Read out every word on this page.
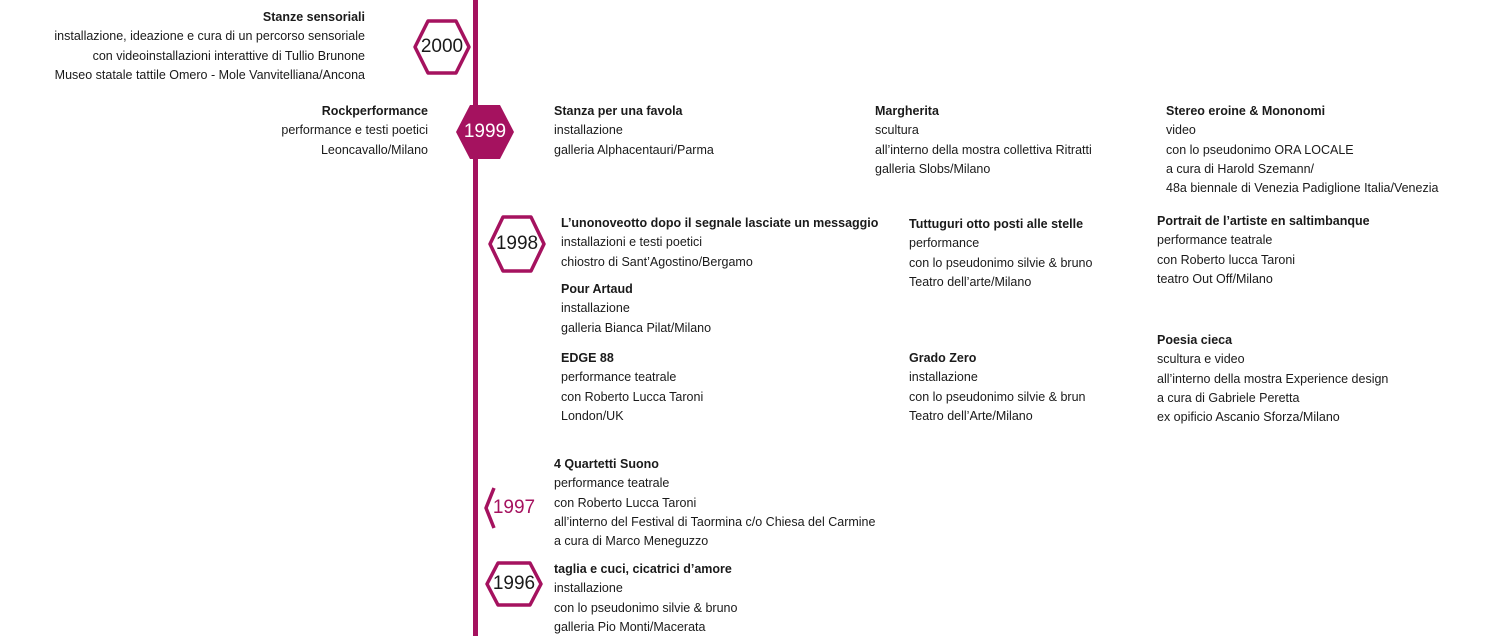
2000
1999
1998
1997
1996
Stanze sensoriali
installazione, ideazione e cura di un percorso sensoriale
con videoinstallazioni interattive di Tullio Brunone
Museo statale tattile Omero - Mole Vanvitelliana/Ancona
Rockperformance
performance e testi poetici
Leoncavallo/Milano
Stanza per una favola
installazione
galleria Alphacentauri/Parma
Margherita
scultura
all’interno della mostra collettiva Ritratti
galleria Slobs/Milano
Stereo eroine & Mononomi
video
con lo pseudonimo ORA LOCALE
a cura di Harold Szemann/
48a biennale di Venezia Padiglione Italia/Venezia
L’unonoveotto dopo il segnale lasciate un messaggio
installazioni e testi poetici
chiostro di Sant’Agostino/Bergamo
Tuttuguri otto posti alle stelle
performance
con lo pseudonimo silvie & bruno
Teatro dell’arte/Milano
Portrait de l’artiste en saltimbanque
performance teatrale
con Roberto lucca Taroni
teatro Out Off/Milano
Pour Artaud
installazione
galleria Bianca Pilat/Milano
Poesia cieca
scultura e video
all’interno della mostra Experience design
a cura di Gabriele Peretta
ex opificio Ascanio Sforza/Milano
EDGE 88
performance teatrale
con Roberto Lucca Taroni
London/UK
Grado Zero
installazione
con lo pseudonimo silvie & brun
Teatro dell’Arte/Milano
4 Quartetti Suono
performance teatrale
con Roberto Lucca Taroni
all’interno del Festival di Taormina c/o Chiesa del Carmine
a cura di Marco Meneguzzo
taglia e cuci, cicatrici d’amore
installazione
con lo pseudonimo silvie & bruno
galleria Pio Monti/Macerata
